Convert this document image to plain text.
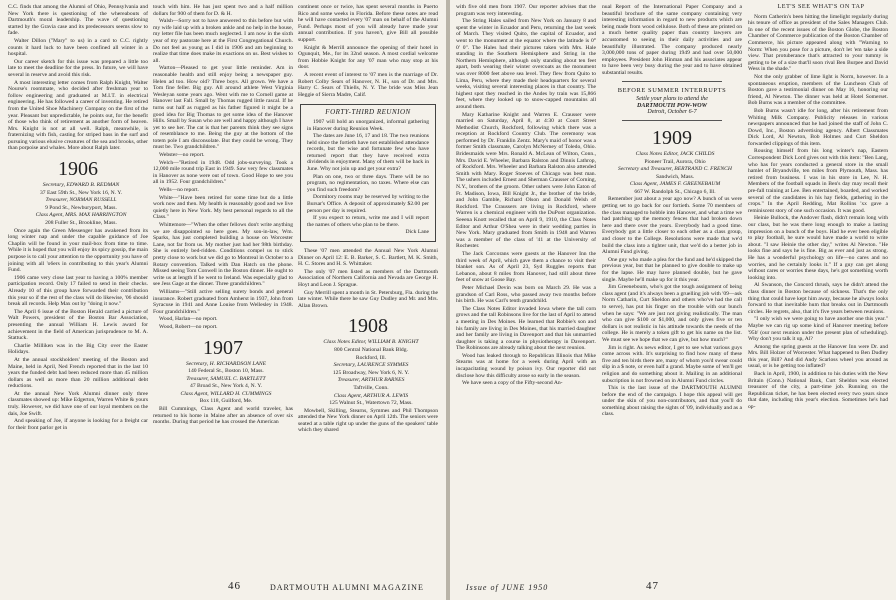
C.C. finds that among the Alumni of Ohio, Pennsylvania and New York there is questioning of the whereabouts of Dartmouth's moral leadership. The wave of questioning started by the Gravia case and its predecessors seems slow to fade.

Walter Dillon ("Mary" to us) in a card to C.C. rightly counts it hard luck to have been confined all winter in a hospital.

Our career sketch for this issue was prepared a little too late to meet the deadline for the press. In future, we will have several in reserve and avoid this risk.

A most interesting letter comes from Ralph Knight, Walter Nourse's roommate, who decided after freshman year to follow engineering and graduated at M.I.T. in electrical engineering. He has followed a career of inventing. He retired from the United Shoe Machinery Company on the first of the year. Pleasant but unpredictable, he points out, for the benefit of those who think of retirement as another form of heaven. Mrs. Knight is not at all well. Ralph, meanwhile, is fraternizing with fish, casting for striped bass in the surf and pursuing various elusive creatures of the sea and brooks, other than porpoise and whales. More about Ralph later.

1906

Secretary, EDWARD B. REDMAN

37 East 59th St., New York 16, N. Y.

Treasurer, NORMAN RUSSELL

9 Pond St., Newburyport, Mass.

Class Agent, MRS. MAX HARRINGTON

208 Fuller St., Brookline, Mass.

Once again the Green Messenger has awakened from its long winter nap and under the capable guidance of Joe Chaplin will be found in your mail-box from time to time. While it is hoped that you will enjoy its spicy gossip, the main purpose is to call your attention to the opportunity you have of joining with all 'o6ers in contributing to this year's Alumni Fund.

1906 came very close last year to having a 100% member participation record. Only 17 failed to send in their checks. Already 10 of this group have forwarded their contribution this year so if the rest of the class will do likewise, '06 should break all records. Help Max out by "doing it now."

The April 6 issue of the Boston Herald carried a picture of Walt Powers, president of the Boston Bar Association, presenting the annual William H. Lewis award for achievement in the field of American jurisprudence to M. A. Stattuck.

Charlie Milliken was in the Big City over the Easter Holidays.

At the annual stockholders' meeting of the Boston and Maine, held in April, Ned French reported that in the last 10 years the funded debt had been reduced more than 45 million dollars as well as more than 20 million additional debt reductions.

At the annual New York Alumni dinner only three classmates showed up: Mike Edgerton, Warren White & yours truly. However, we did have one of our loyal members on the dais, Joe Swift.

And speaking of Joe, if anyone is looking for a freight car for their front parlor get in

touch with him. He has just spent two and a half million dollars for 900 of them for D. & H.

Walsh—Sorry not to have answered to this before but with my wife laid up with a broken ankle and no help in the house, my letter file has been much neglected. I am now in the sixth year of my pastorate here at the First Congregational Church. Do not feel as young as I did in 1906 and am beginning to realize that time does make its exactions on us. Best wishes to all.

Warton—Pleased to get your little reminder. Am in reasonable health and still enjoy being a newspaper guy. Helen ad too. How old? Three boys. All grown. We have a Tom fine feller. Big guy. All around athlete West Virginia Wesleyan some years ago. Went with me to Cornell game at Hanover last Fall. Small by Thomas rugged little rascal. If he turns out half as rugged as his father figured it might be a good idea for Big Thomas to get some idea of the Hanover Hills. Small by Susan who are well and happy although I have yet to see her. The cat is that her parents think they see signs of resemblance to me. Being the guy at the bottom of the totem pole I am disconsolate. But they could be wrong. They must be. Two grandchildren."

Webster—no report.

Welch—"Retired in 1948. Odd jobs-surveying. Took a 12,000 mile round trip East in 1949. Saw very few classmates in Hanover as none were out of town. Good Hope to see you all in 1952. Four grandchildren."

Wells—no report.

White—"Have been retired for some time but do a little work now and then. My health is reasonably good and we live quietly here in New York. My best personal regards to all the Class."

Whittemore—"When the other fellows don't write anything we are disappointed so here goes. My son-in-law, Wm. Sparks, has just completed building a house on Worcester Lane, not far from us. My mother just had her 98th birthday. She is entirely bed-ridden. Conditions compel us to stick pretty close to work but we did go to Montreal in October to a Rotary convention. Talked with Dan Hatch on the phone. Missed seeing Tom Conwell in the Boston dinner. He ought to write us at length if he went to Ireland. Was especially glad to see Jess Gage at the dinner. Three grandchildren."

Williams—"Still active selling surety bonds and general insurance. Robert graduated from Amherst in 1937, John from Syracuse in 1941 and Anne Louise from Wellesley in 1948. Four grandchildren."

Wood, Harlan—no report.

Wood, Robert—no report.

1907

Secretary, H. RICHARDSON LANE

140 Federal St., Boston 10, Mass.

Treasurer, SAMUEL C. BARTLETT

47 Broad St., New York 4, N. Y.

Class Agent, WILLARD H. CUMMINGS

Box 118, Guilford, Me.

Bill Cummings, Class Agent and world traveler, has returned to his home in Maine after an absence of over six months. During that period he has crossed the American

continent once or twice, has spent several months in Puerto Rico and some weeks in Florida. Before these notes are read he will have contacted every '07 man on behalf of the Alumni Fund. Perhaps most of you will already have made your annual contribution. If you haven't, give Bill all possible support.

Knight & Merrill announce the opening of their hotel in Ogunquit, Me., for its 32nd season. A most cordial welcome from Hobbie Knight for any '07 man who may stop at his door.

A recent event of interest to '07 men is the marriage of Dr. Robert Colby Sears of Hanover, N. H., son of Dr. and Mrs. Harry C. Sears of Thiells, N. Y. The bride was Miss Jean Heggie of Sierra Madre, Calif.

FORTY-THIRD REUNION

1907 will hold an unorganized, informal gathering in Hanover during Reunion Week.

The dates are June 16, 17 and 18. The two reunions held since the fortieth have not established attendance records, but the wise and fortunate few who have returned report that they have received extra dividends in enjoyment. Many of them will be back in June. Why not join up and get your extra?

Plan on one, two or three days. There will be no program, no regimentation, no taxes. Where else can you find such freedom?

Dormitory rooms may be reserved by writing to the Bursar's Office. A deposit of approximately $2.00 per person per day is required.

If you expect to return, write me and I will report the names of others who plan to be there.

Dick Lane

These '07 men attended the Annual New York Alumni Dinner on April 12: E. B. Barker, S. C. Bartlett, M. K. Smith, H. C. Stores and H. S. Whittaker.

The only '07 men listed as members of the Dartmouth Association of Northern California and Nevada are George H. Hoyt and Leon J. Sprague.

Guy Merrill spent a month in St. Petersburg, Fla. during the late winter. While there he saw Guy Dudley and Mr. and Mrs. Allan Brown.

1908

Class Notes Editor, WILLIAM B. KNIGHT

800 Central National Bank Bldg.

Rockford, Ill.

Secretary, LAURENCE SYMMES

125 Broadway, New York 6, N. Y.

Treasurer, ARTHUR BARNES

Taftville, Conn.

Class Agent, ARTHUR A. LEWIS

125 Walnut St., Watertown 72, Mass.

Mowbell, Skilling, Stearns, Symmes and Phil Thompson attended the New York dinner on April 12th. The seniors were seated at a table right up under the guns of the speakers' table which they shared

46	DARTMOUTH ALUMNI MAGAZINE

with five old men from 1907. Our reporter advises that the program was very interesting.

The String Hales sailed from New York on January 8 and spent the winter in Ecuador and Peru, returning the last week of March. They visited Quito, the capital of Ecuador, and went to the monument at the equator where the latitude is 0° 0' 0". The Hales had their pictures taken with Mrs. Hale standing in the Southern Hemisphere and String in the Northern Hemisphere, although only standing about ten feet apart, both wearing their winter overcoats as the monument was over 8000 feet above sea level. They flew from Quito to Lima, Peru, where they made their headquarters for several weeks, visiting several interesting places in that country. The highest spot they reached in the Andes by train was 15,866 feet, where they looked up to snow-capped mountains all around them.

Mary Katharine Knight and Warren E. Crausser were married on Saturday, April 8, at 4:30 at Court Street Methodist Church, Rockford, following which there was a reception at Rockford Country Club. The ceremony was performed by Dr. Franklin Zentz. Mary's maid of honor was a former Smith classmate, Carolyn McNerney of Toledo, Ohio. Bridesmaids were Mrs. Ronald A. McLean of Wilton, Conn., Mrs. David E. Wheeler, Barbara Ralston and Dinnis Lathrop, of Rockford. Mrs. Wheeler and Barbara Ralston also attended Smith with Mary. Roger Stoeves of Chicago was best man. The ushers included Ernest and Sherman Crausser of Corning, N.Y., brothers of the groom. Other ushers were John Eaton of Ft. Madison, Iowa, Bill Knight Jr., the brother of the bride, and John Gamble, Richard Olson and Donald Welsh of Rockford. The Craussers are living in Rockford, where Warren is a chemical engineer with the DuPont organization. Seeena Knott recalled that on April 9, 1910, the Class Notes Editor and Arthur O'Shea were in their wedding parties in New York. Mary graduated from Smith in 1948 and Warren was a member of the class of '41 at the University of Rochester.

The Jack Corcorans were guests at the Hanover Inn the third week of April, which gave them a chance to visit their blanket son. As of April 23, Syd Ruggles reports that Lebanon, about 8 miles from Hanover, had still about three feet of snow at Goose Bay.

Peter Michael Devin was born on March 29. He was a grandson of Carl Ross, who passed away two months before his birth. He was Carl's tenth grandchild.

The Class Notes Editor invaded Iowa where the tall corn grows and the tall Robinsons live for the last of April to attend a meeting in Des Moines. He learned that Robbie's son and his family are living in Des Moines, that his married daughter and her family are living in Davenport and that his unmarried daughter is taking a course in physiotherapy in Davenport. The Robinsons are already talking about the next reunion.

Wood has leaked through to Republican Illinois that Mike Stearns was at home for a week during April with an incapacitating wound by poison ivy. Our reporter did not disclose how this difficulty arose so early in the season.

We have seen a copy of the Fifty-second An-

nual Report of the International Paper Company and a beautiful brochure of the same company containing very interesting information in regard to new products which are being made from wood cellulose. Both of these are printed on a much better quality paper than country lawyers are accustomed to seeing in their daily activities and are beautifully illustrated. The company produced nearly 3,000,000 tons of paper during 1949 and had over 50,000 employees. President John Hinman and his associates appear to have been very busy during the year and to have obtained substantial results.

BEFORE SUMMER INTERRUPTS
Settle your plans to attend the
DARTMOUTH POW-WOW
Detroit, October 6-7
1909

Class Notes Editor, JACK CHILDS

Pioneer Trail, Aurora, Ohio

Secretary and Treasurer, BERTRAND C. FRENCH

Sandwich, Mass.

Class Agent, JAMES F. GREENEBAUM

667 W. Randolph St., Chicago 6, Ill.

Remember just about a year ago now? A bunch of us were getting set to go back for our fortieth. Some 70 members of the class managed to hobble into Hanover, and what a time we had patching up the memory fences that had broken down here and there over the years. Everybody had a good time. Everybody got a little closer to each other as a class group, and closer to the College. Resolutions were made that we'd build the class into a tighter unit, that we'd do a better job in Alumni Fund giving.

One guy who made a plea for the fund and he'd skipped the previous year, but that he planned to give double to make up for the lapse. He may have planned double, but he gave single. Maybe he'll make up for it this year.

Jim Greeneboum, who's got the tough assignment of being class agent (and it's always been a gruelling job with '09—ask Norm Catharin, Curt Sheldon and others who've had the call to serve), has put his finger on the trouble with our bunch when he says: "We are just not giving realistically. The man who can give $100 or $1,000, and only gives five or ten dollars is not realistic in his attitude towards the needs of the college. He is merely a token gift to get his name on the list. We must see we hope that we can give, but how much?"

Jim is right. As news editor, I get to see what various guys come across with. It's surprising to find how many of these five and ten birds there are, many of whom you'd swear could slip in a $ note, or even half a grand. Maybe some of 'em'll get religion and do something about it. Mailing in an additional subscription is not frowned on in Alumni Fund circles.

This is the last issue of the DARTMOUTH ALUMNI before the end of the campaign. I hope this appeal will get under the skin of you non-contributors, and that you'll do something about raising the sights of '09, individually and as a class.

LET'S SEE WHAT'S ON TAP

Norm Catherin's been hitting the limelight regularly during his tenure of office as president of the Sales Managers Club. In one of the recent issues of the Boston Globe, the Boston Chamber of Commerce publication of the Boston Chamber of Commerce, his picture appeared along with "Warning to Norm: When you pose for a picture, don't let 'em take a side view. That protuberance that's attracted to your tummy is getting to be of a size that'll soon rival Ben Burpee and David Wess in the shade."

Not the only grabber of lime light is Norm, however. In a spontaneous eruption, members of the Luncheon Club of Boston gave a testimonial dinner on May 16, honoring our friend, Al Newton. The dinner was held at Hotel Somerset. Bob Burns was a member of the committee.

Bob Burns wasn't idle for long, after his retirement from Whiting Milk Company. Publicity releases in various newspapers announced that he had joined the staff of John C. Dowd, Inc., Boston advertising agency. Albert Classmates Dick Lord, Al Newton, Bob Holmes and Curt Sheldon forwarded clippings of this item.

Rousing himself from his long winter's nap, Eastern Correspondent Dick Lord gives out with this item: "Ben Lang, who has for years conducted a general store in the small hamlet of Bryandville, ten miles from Plymouth, Mass. has retired from business. I was in his store in Lee, N. H. Members of the football squads in Ben's day may recall their pre-fall training at Lee. Ben entertained, boarded, and worked several of the candidates in his hay fields, gathering in the crops." In the April Redding, Mat Rollins 'xx gave a reminiscent story of one such occasion. It was good.

Heinie Bullock, the Andover flash, didn't remain long with our class, but he was there long enough to make a lasting impression on a bunch of the boys. Had he ever been eligible to play football, he sure would have made a world to write about. "I saw Heinie the other day," writes Al Newton. "He looks fine and says he is fine. Big as ever and just as strong. He has a wonderful psychology on life—no cares and no worries, and he certainly looks it." If a guy can get along without cares or worries these days, he's got something worth looking into.

Al Swanson, the Concord thrush, says he didn't attend the class dinner in Boston because of sickness. That's the only thing that could have kept him away, because he always looks forward to that inevitable hum that breaks out in Dartmouth circles. He regrets, also, that it's five years between reunions.

"I only wish we were going to have another one this year." Maybe we can rig up some kind of Hanover meeting before '95b' (our next reunion under the present plan of scheduling). Why don't you talk it up, Al?

Among the spring guests at the Hanover Inn were Dr. and Mrs. Bill Holzer of Worcester. What happened to Ben Dudley this year, Bill? And did Andy Scarloss wheel you around as usual, or is he getting too inflated?

Back in April, 1900, in addition to his duties with the New Britain (Conn.) National Bank, Curt Sheldon was elected treasurer of the city, a part-time job. Running on the Republican ticket, he has been elected every two years since that date, including this year's election. Sometimes he's had op-

Issue of JUNE 1950	47
